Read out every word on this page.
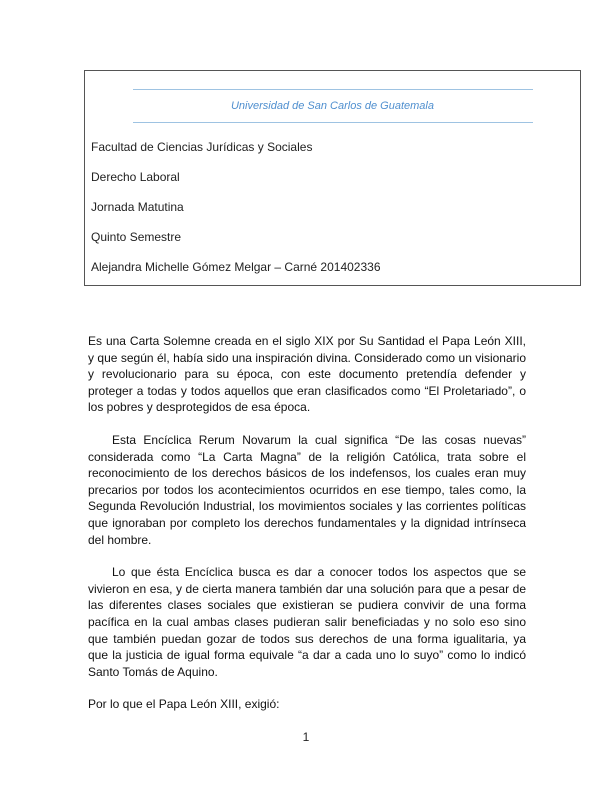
Universidad de San Carlos de Guatemala
Facultad de Ciencias Jurídicas y Sociales
Derecho Laboral
Jornada Matutina
Quinto Semestre
Alejandra Michelle Gómez Melgar – Carné 201402336

Es una Carta Solemne creada en el siglo XIX por Su Santidad el Papa León XIII, y que según él, había sido una inspiración divina. Considerado como un visionario y revolucionario para su época, con este documento pretendía defender y proteger a todas y todos aquellos que eran clasificados como “El Proletariado”, o los pobres y desprotegidos de esa época.

Esta Encíclica Rerum Novarum la cual significa “De las cosas nuevas” considerada como “La Carta Magna” de la religión Católica, trata sobre el reconocimiento de los derechos básicos de los indefensos, los cuales eran muy precarios por todos los acontecimientos ocurridos en ese tiempo, tales como, la Segunda Revolución Industrial, los movimientos sociales y las corrientes políticas que ignoraban por completo los derechos fundamentales y la dignidad intrínseca del hombre.

Lo que ésta Encíclica busca es dar a conocer todos los aspectos que se vivieron en esa, y de cierta manera también dar una solución para que a pesar de las diferentes clases sociales que existieran se pudiera convivir de una forma pacífica en la cual ambas clases pudieran salir beneficiadas y no solo eso sino que también puedan gozar de todos sus derechos de una forma igualitaria, ya que la justicia de igual forma equivale “a dar a cada uno lo suyo” como lo indicó Santo Tomás de Aquino.

Por lo que el Papa León XIII, exigió:

1
